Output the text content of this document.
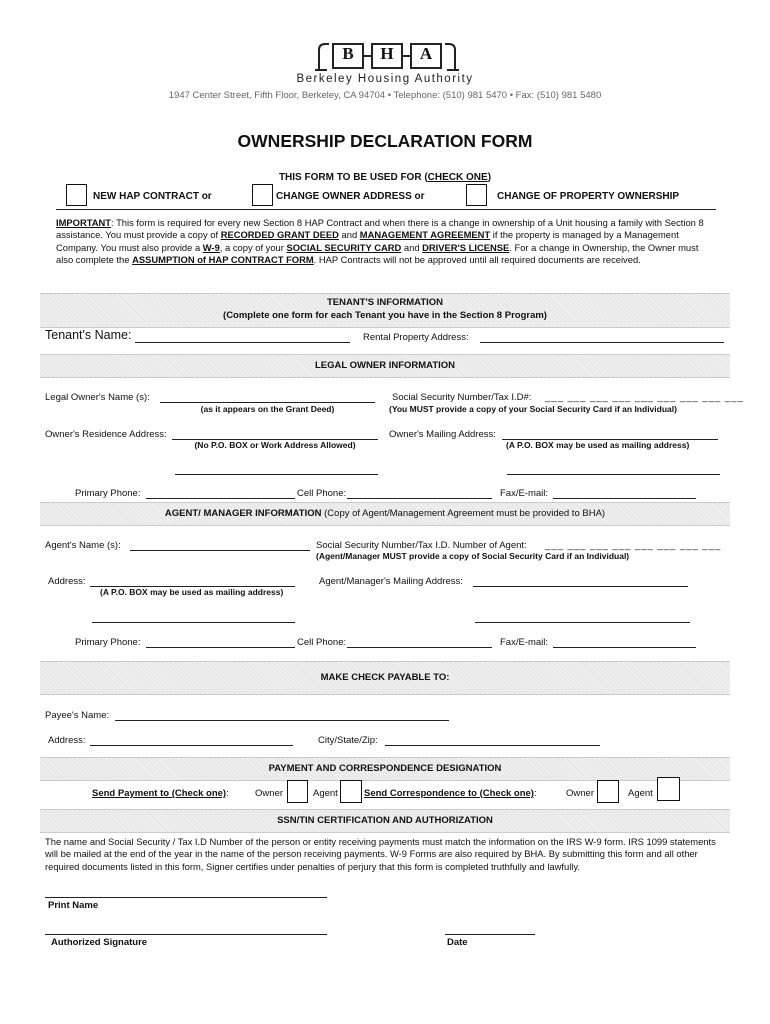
B	H	A
Berkeley Housing Authority
1947 Center Street, Fifth Floor, Berkeley, CA 94704 • Telephone: (510) 981 5470 • Fax: (510) 981 5480
OWNERSHIP DECLARATION FORM
THIS FORM TO BE USED FOR (CHECK ONE)
NEW HAP CONTRACT or	CHANGE OWNER ADDRESS or	CHANGE OF PROPERTY OWNERSHIP
IMPORTANT: This form is required for every new Section 8 HAP Contract and when there is a change in ownership of a Unit housing a family with Section 8 assistance. You must provide a copy of RECORDED GRANT DEED and MANAGEMENT AGREEMENT if the property is managed by a Management Company. You must also provide a W-9, a copy of your SOCIAL SECURITY CARD and DRIVER'S LICENSE. For a change in Ownership, the Owner must also complete the ASSUMPTION of HAP CONTRACT FORM. HAP Contracts will not be approved until all required documents are received.
TENANT'S INFORMATION
(Complete one form for each Tenant you have in the Section 8 Program)
Tenant's Name:	Rental Property Address:
LEGAL OWNER INFORMATION
Legal Owner's Name (s):
(as it appears on the Grant Deed)
Social Security Number/Tax I.D#: ___ ___ ___ ___ ___ ___ ___ ___ ___
(You MUST provide a copy of your Social Security Card if an Individual)
Owner's Residence Address:
(No P.O. BOX or Work Address Allowed)
Owner's Mailing Address:
(A P.O. BOX may be used as mailing address)
Primary Phone:	Cell Phone:	Fax/E-mail:
AGENT/ MANAGER INFORMATION (Copy of Agent/Management Agreement must be provided to BHA)
Agent's Name (s):	Social Security Number/Tax I.D. Number of Agent: ___ ___ ___ ___ ___ ___ ___ ___
(Agent/Manager MUST provide a copy of Social Security Card if an Individual)
Address:
(A P.O. BOX may be used as mailing address)
Agent/Manager's Mailing Address:
Primary Phone:	Cell Phone:	Fax/E-mail:
MAKE CHECK PAYABLE TO:
Payee's Name:
Address:	City/State/Zip:
PAYMENT AND CORRESPONDENCE DESIGNATION
Send Payment to (Check one):	Owner	Agent	Send Correspondence to (Check one):	Owner	Agent
SSN/TIN CERTIFICATION AND AUTHORIZATION
The name and Social Security / Tax I.D Number of the person or entity receiving payments must match the information on the IRS W-9 form. IRS 1099 statements will be mailed at the end of the year in the name of the person receiving payments. W-9 Forms are also required by BHA. By submitting this form and all other required documents listed in this form, Signer certifies under penalties of perjury that this form is completed truthfully and lawfully.
Print Name
Authorized Signature	Date
